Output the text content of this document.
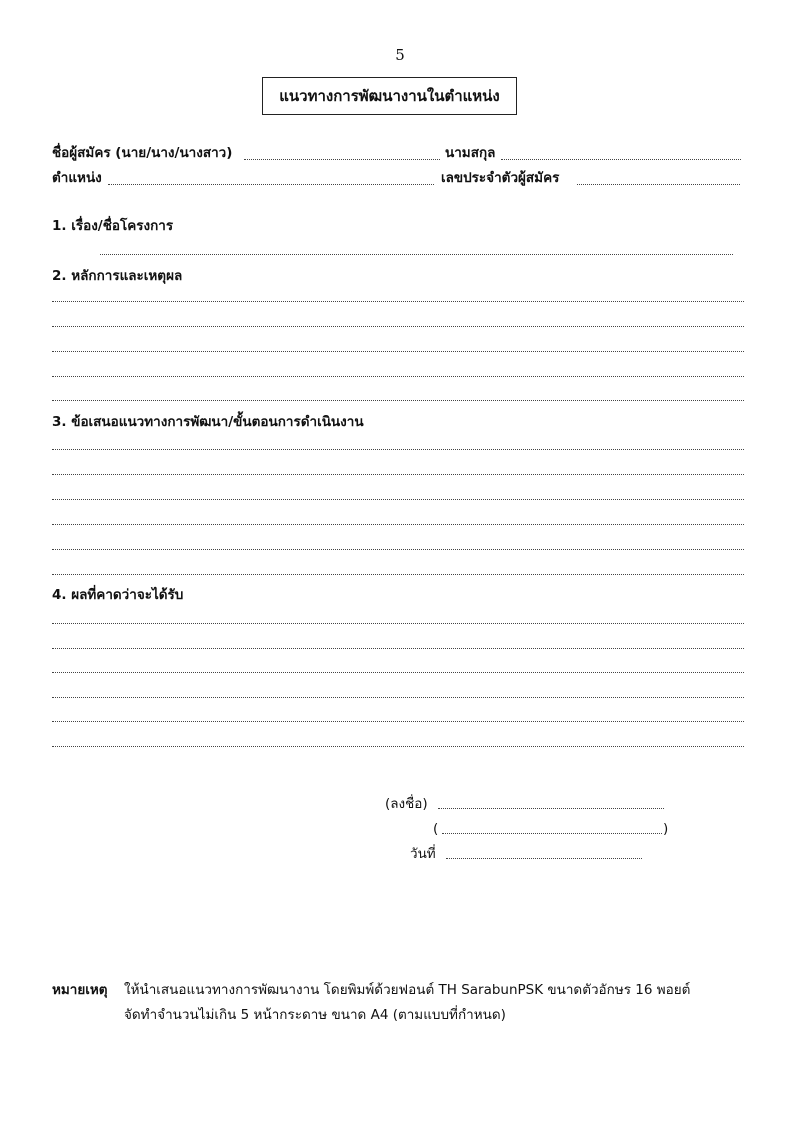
5
แนวทางการพัฒนางานในตำแหน่ง
ชื่อผู้สมัคร (นาย/นาง/นางสาว)	นามสกุล
ตำแหน่ง	เลขประจำตัวผู้สมัคร
1. เรื่อง/ชื่อโครงการ
2. หลักการและเหตุผล
3. ข้อเสนอแนวทางการพัฒนา/ขั้นตอนการดำเนินงาน
4. ผลที่คาดว่าจะได้รับ
(ลงชื่อ)
(	)
วันที่
หมายเหตุ ให้นำเสนอแนวทางการพัฒนางาน โดยพิมพ์ด้วยฟอนต์ TH SarabunPSK ขนาดตัวอักษร 16 พอยต์
จัดทำจำนวนไม่เกิน 5 หน้ากระดาษ ขนาด A4 (ตามแบบที่กำหนด)
